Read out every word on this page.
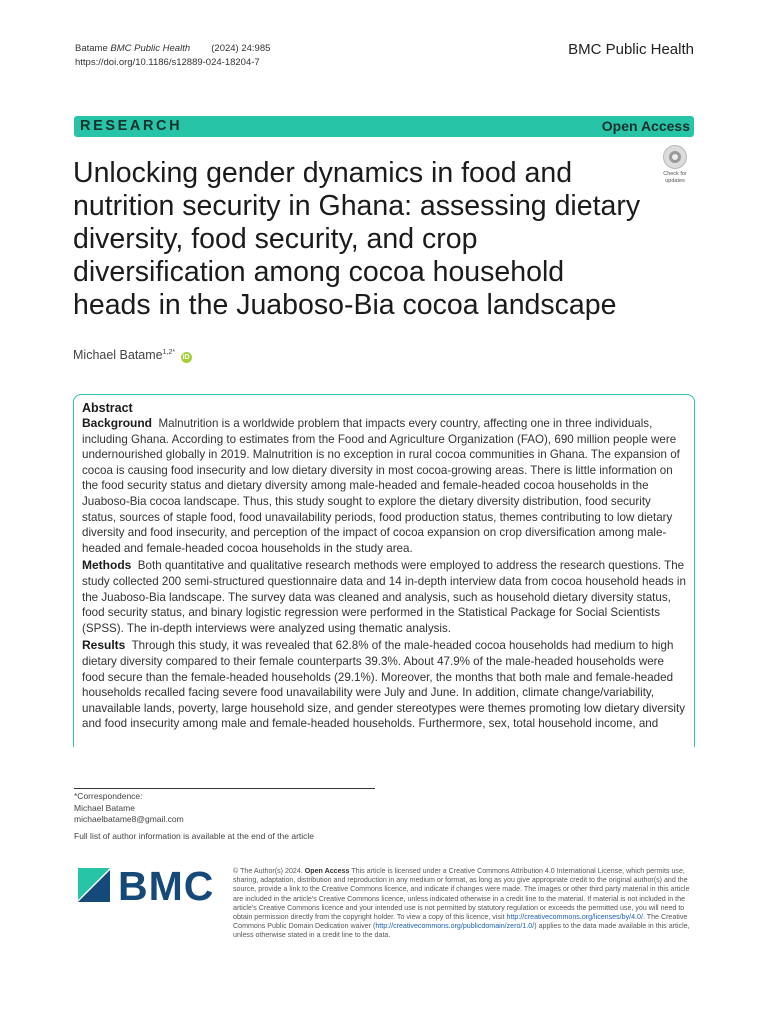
Batame BMC Public Health (2024) 24:985
https://doi.org/10.1186/s12889-024-18204-7
BMC Public Health
RESEARCH	Open Access
Unlocking gender dynamics in food and nutrition security in Ghana: assessing dietary diversity, food security, and crop diversification among cocoa household heads in the Juaboso-Bia cocoa landscape
Check for
updates
Michael Batame$^{1,2*}$ iD
Abstract

Background Malnutrition is a worldwide problem that impacts every country, affecting one in three individuals, including Ghana. According to estimates from the Food and Agriculture Organization (FAO), 690 million people were undernourished globally in 2019. Malnutrition is no exception in rural cocoa communities in Ghana. The expansion of cocoa is causing food insecurity and low dietary diversity in most cocoa-growing areas. There is little information on the food security status and dietary diversity among male-headed and female-headed cocoa households in the Juaboso-Bia cocoa landscape. Thus, this study sought to explore the dietary diversity distribution, food security status, sources of staple food, food unavailability periods, food production status, themes contributing to low dietary diversity and food insecurity, and perception of the impact of cocoa expansion on crop diversification among male-headed and female-headed cocoa households in the study area.

Methods Both quantitative and qualitative research methods were employed to address the research questions. The study collected 200 semi-structured questionnaire data and 14 in-depth interview data from cocoa household heads in the Juaboso-Bia landscape. The survey data was cleaned and analysis, such as household dietary diversity status, food security status, and binary logistic regression were performed in the Statistical Package for Social Scientists (SPSS). The in-depth interviews were analyzed using thematic analysis.

Results Through this study, it was revealed that 62.8% of the male-headed cocoa households had medium to high dietary diversity compared to their female counterparts 39.3%. About 47.9% of the male-headed households were food secure than the female-headed households (29.1%). Moreover, the months that both male and female-headed households recalled facing severe food unavailability were July and June. In addition, climate change/variability, unavailable lands, poverty, large household size, and gender stereotypes were themes promoting low dietary diversity and food insecurity among male and female-headed households. Furthermore, sex, total household income, and

*Correspondence:
Michael Batame
michaelbatame8@gmail.com
Full list of author information is available at the end of the article
BMC	© The Author(s) 2024. Open Access This article is licensed under a Creative Commons Attribution 4.0 International License, which permits use, sharing, adaptation, distribution and reproduction in any medium or format, as long as you give appropriate credit to the original author(s) and the source, provide a link to the Creative Commons licence, and indicate if changes were made. The images or other third party material in this article are included in the article's Creative Commons licence, unless indicated otherwise in a credit line to the material. If material is not included in the article's Creative Commons licence and your intended use is not permitted by statutory regulation or exceeds the permitted use, you will need to obtain permission directly from the copyright holder. To view a copy of this licence, visit http://creativecommons.org/licenses/by/4.0/. The Creative Commons Public Domain Dedication waiver (http://creativecommons.org/publicdomain/zero/1.0/) applies to the data made available in this article, unless otherwise stated in a credit line to the data.
